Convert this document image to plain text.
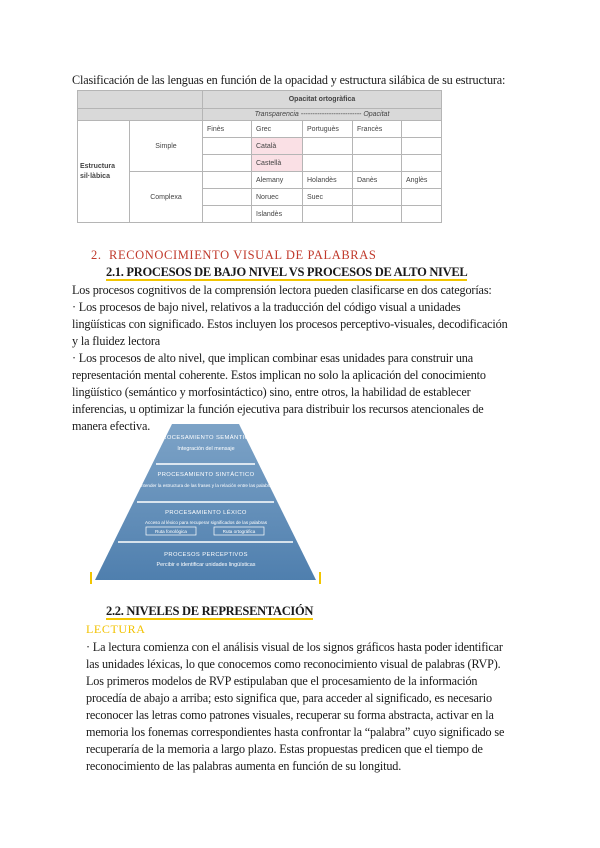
Clasificación de las lenguas en función de la opacidad y estructura silábica de su estructura:
		Opacitat ortogràfica				
		Transparencia -------------------------- Opacitat				
Estructura sil·làbica	Simple	Finès	Grec	Portuguès	Francès	
			Català			
			Castellà			
	Complexa		Alemany	Holandès	Danès	Anglès
			Noruec	Suec		
			Islandès			
2. RECONOCIMIENTO VISUAL DE PALABRAS
2.1. PROCESOS DE BAJO NIVEL VS PROCESOS DE ALTO NIVEL
Los procesos cognitivos de la comprensión lectora pueden clasificarse en dos categorías:
· Los procesos de bajo nivel, relativos a la traducción del código visual a unidades
lingüísticas con significado. Estos incluyen los procesos perceptivo-visuales, decodificación
y la fluidez lectora
· Los procesos de alto nivel, que implican combinar esas unidades para construir una
representación mental coherente. Estos implican no solo la aplicación del conocimiento
lingüístico (semántico y morfosintáctico) sino, entre otros, la habilidad de establecer
inferencias, u optimizar la función ejecutiva para distribuir los recursos atencionales de
manera efectiva.
PROCESAMIENTO SEMÁNTICO
Integración del mensaje
PROCESAMIENTO SINTÁCTICO
Entender la estructura de las frases y la relación entre las palabras
PROCESAMIENTO LÉXICO
Acceso al léxico para recuperar significados de las palabras
Ruta fonológica	Ruta ortográfica
PROCESOS PERCEPTIVOS
Percibir e identificar unidades lingüísticas
2.2. NIVELES DE REPRESENTACIÓN
LECTURA
· La lectura comienza con el análisis visual de los signos gráficos hasta poder identificar
las unidades léxicas, lo que conocemos como reconocimiento visual de palabras (RVP).
Los primeros modelos de RVP estipulaban que el procesamiento de la información
procedía de abajo a arriba; esto significa que, para acceder al significado, es necesario
reconocer las letras como patrones visuales, recuperar su forma abstracta, activar en la
memoria los fonemas correspondientes hasta confrontar la “palabra” cuyo significado se
recuperaría de la memoria a largo plazo. Estas propuestas predicen que el tiempo de
reconocimiento de las palabras aumenta en función de su longitud.
